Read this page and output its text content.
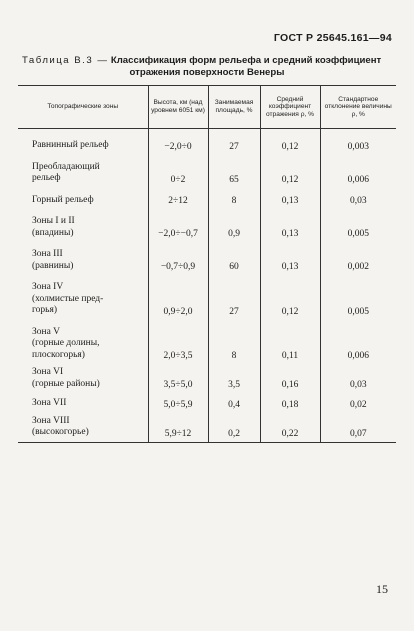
ГОСТ Р 25645.161—94
Таблица В.3 — Классификация форм рельефа и средний коэффициент
отражения поверхности Венеры
Топографические зоны	Высота, км (над уровнем 6051 км)	Занимаемая площадь, %	Средний коэффициент отражения ρ, %	Стандартное отклонение величины ρ, %

Равнинный рельеф	−2,0÷0	27	0,12	0,003

Преобладающий
рельеф	0÷2	65	0,12	0,006

Горный рельеф	2÷12	8	0,13	0,03

Зоны I и II
(впадины)	−2,0÷−0,7	0,9	0,13	0,005

Зона III
(равнины)	−0,7÷0,9	60	0,13	0,002

Зона IV
(холмистые пред-
горья)	0,9÷2,0	27	0,12	0,005

Зона V
(горные долины,
плоскогорья)	2,0÷3,5	8	0,11	0,006

Зона VI
(горные районы)	3,5÷5,0	3,5	0,16	0,03

Зона VII	5,0÷5,9	0,4	0,18	0,02

Зона VIII
(высокогорье)	5,9÷12	0,2	0,22	0,07
15
